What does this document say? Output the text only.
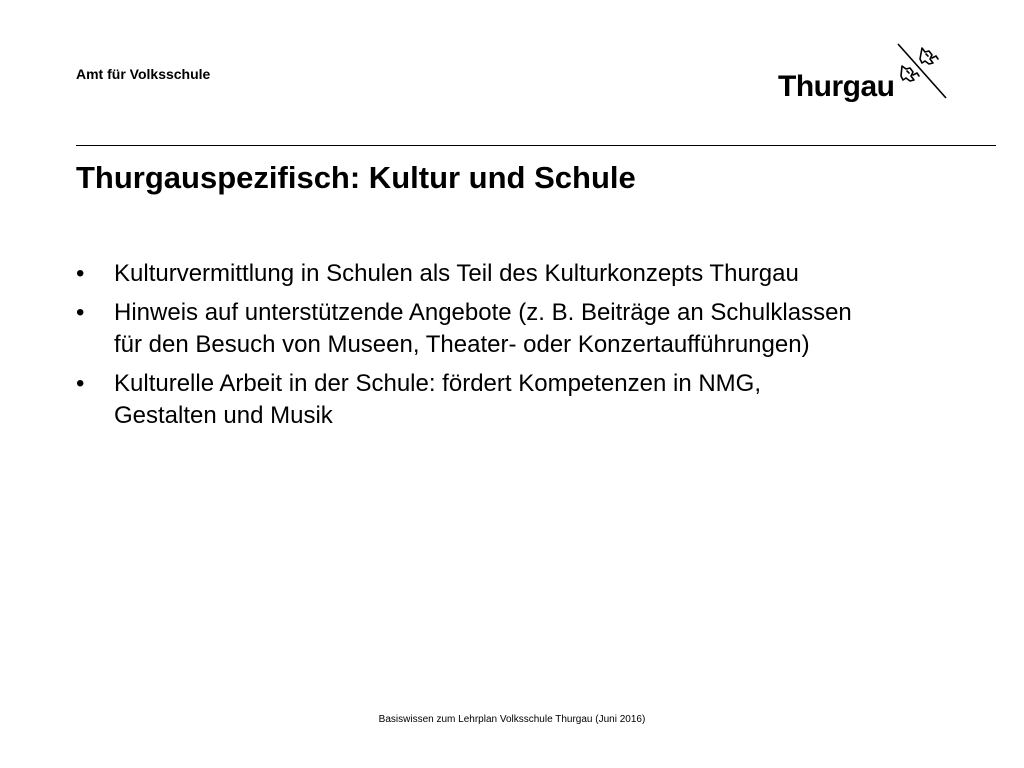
Amt für Volksschule	Thurgau
Thurgauspezifisch: Kultur und Schule
• Kulturvermittlung in Schulen als Teil des Kulturkonzepts Thurgau
• Hinweis auf unterstützende Angebote (z. B. Beiträge an Schulklassen
für den Besuch von Museen, Theater- oder Konzertaufführungen)
• Kulturelle Arbeit in der Schule: fördert Kompetenzen in NMG,
Gestalten und Musik
Basiswissen zum Lehrplan Volksschule Thurgau (Juni 2016)
